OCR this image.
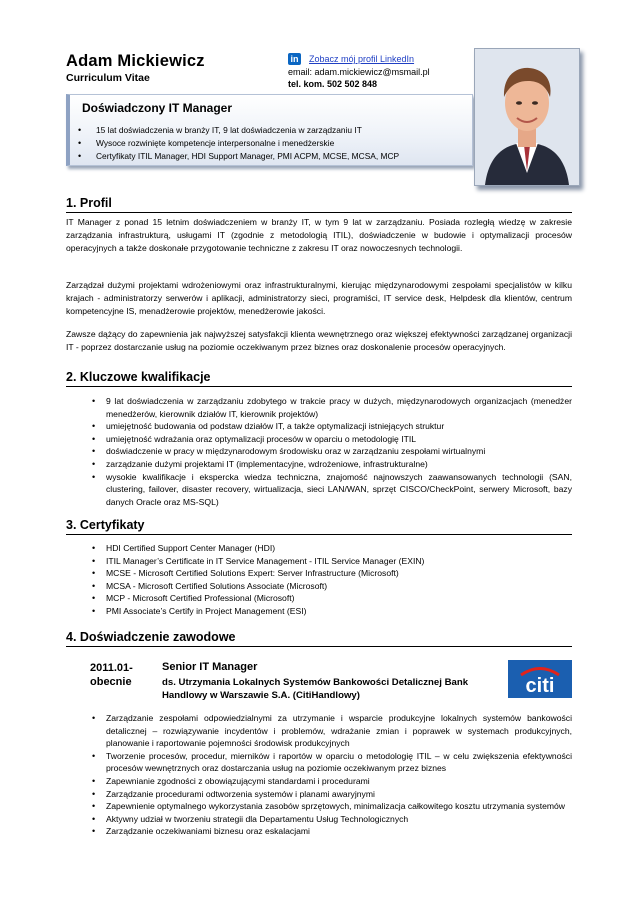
Adam Mickiewicz
Curriculum Vitae
in Zobacz mój profil LinkedIn
email: adam.mickiewicz@msmail.pl
tel. kom. 502 502 848
Doświadczony IT Manager
• 15 lat doświadczenia w branży IT, 9 lat doświadczenia w zarządzaniu IT
• Wysoce rozwinięte kompetencje interpersonalne i menedżerskie
• Certyfikaty ITIL Manager, HDI Support Manager, PMI ACPM, MCSE, MCSA, MCP
1. Profil

IT Manager z ponad 15 letnim doświadczeniem w branży IT, w tym 9 lat w zarządzaniu. Posiada rozległą wiedzę w zakresie zarządzania infrastrukturą, usługami IT (zgodnie z metodologią ITIL), doświadczenie w budowie i optymalizacji procesów operacyjnych a także doskonałe przygotowanie techniczne z zakresu IT oraz nowoczesnych technologii.

Zarządzał dużymi projektami wdrożeniowymi oraz infrastrukturalnymi, kierując międzynarodowymi zespołami specjalistów w kilku krajach - administratorzy serwerów i aplikacji, administratorzy sieci, programiści, IT service desk, Helpdesk dla klientów, centrum kompetencyjne IS, menadżerowie projektów, menedżerowie jakości.

Zawsze dążący do zapewnienia jak najwyższej satysfakcji klienta wewnętrznego oraz większej efektywności zarządzanej organizacji IT - poprzez dostarczanie usług na poziomie oczekiwanym przez biznes oraz doskonalenie procesów operacyjnych.

2. Kluczowe kwalifikacje
• 9 lat doświadczenia w zarządzaniu zdobytego w trakcie pracy w dużych, międzynarodowych organizacjach (menedżer menedżerów, kierownik działów IT, kierownik projektów)
• umiejętność budowania od podstaw działów IT, a także optymalizacji istniejących struktur
• umiejętność wdrażania oraz optymalizacji procesów w oparciu o metodologię ITIL
• doświadczenie w pracy w międzynarodowym środowisku oraz w zarządzaniu zespołami wirtualnymi
• zarządzanie dużymi projektami IT (implementacyjne, wdrożeniowe, infrastrukturalne)
• wysokie kwalifikacje i ekspercka wiedza techniczna, znajomość najnowszych zaawansowanych technologii (SAN, clustering, failover, disaster recovery, wirtualizacja, sieci LAN/WAN, sprzęt CISCO/CheckPoint, serwery Microsoft, bazy danych Oracle oraz MS-SQL)
3. Certyfikaty
• HDI Certified Support Center Manager (HDI)
• ITIL Manager’s Certificate in IT Service Management - ITIL Service Manager (EXIN)
• MCSE - Microsoft Certified Solutions Expert: Server Infrastructure (Microsoft)
• MCSA - Microsoft Certified Solutions Associate (Microsoft)
• MCP - Microsoft Certified Professional (Microsoft)
• PMI Associate’s Certify in Project Management (ESI)
4. Doświadczenie zawodowe
2011.01-
obecnie
Senior IT Manager
ds. Utrzymania Lokalnych Systemów Bankowości Detalicznej Bank Handlowy w Warszawie S.A. (CitiHandlowy)	citi
• Zarządzanie zespołami odpowiedzialnymi za utrzymanie i wsparcie produkcyjne lokalnych systemów bankowości detalicznej – rozwiązywanie incydentów i problemów, wdrażanie zmian i poprawek w systemach produkcyjnych, planowanie i raportowanie pojemności środowisk produkcyjnych
• Tworzenie procesów, procedur, mierników i raportów w oparciu o metodologię ITIL – w celu zwiększenia efektywności procesów wewnętrznych oraz dostarczania usług na poziomie oczekiwanym przez biznes
• Zapewnianie zgodności z obowiązującymi standardami i procedurami
• Zarządzanie procedurami odtworzenia systemów i planami awaryjnymi
• Zapewnienie optymalnego wykorzystania zasobów sprzętowych, minimalizacja całkowitego kosztu utrzymania systemów
• Aktywny udział w tworzeniu strategii dla Departamentu Usług Technologicznych
• Zarządzanie oczekiwaniami biznesu oraz eskalacjami
